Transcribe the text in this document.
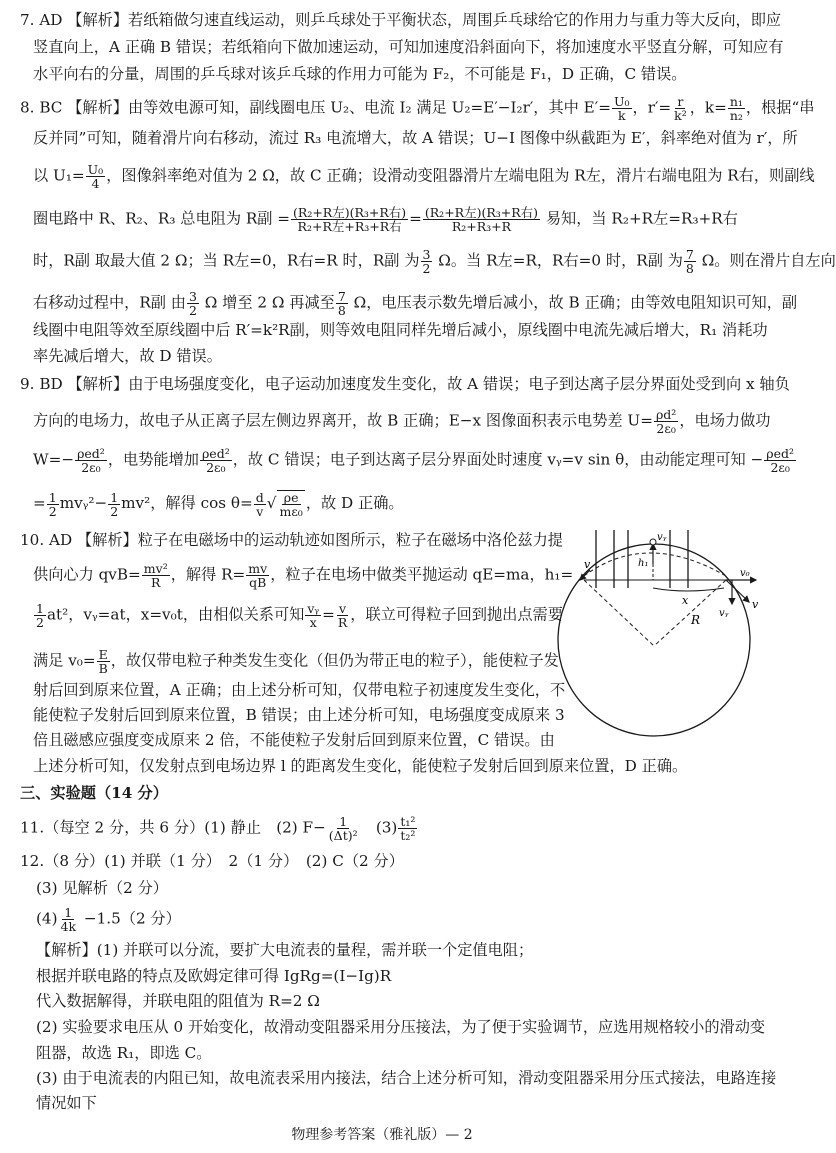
7. AD 【解析】若纸箱做匀速直线运动，则乒乓球处于平衡状态，周围乒乓球给它的作用力与重力等大反向，即应
竖直向上，A 正确 B 错误；若纸箱向下做加速运动，可知加速度沿斜面向下，将加速度水平竖直分解，可知应有
水平向右的分量，周围的乒乓球对该乒乓球的作用力可能为 F₂，不可能是 F₁，D 正确，C 错误。
8. BC 【解析】由等效电源可知，副线圈电压 U₂、电流 I₂ 满足 U₂=E′−I₂r′，其中 $E'= \frac{\text{U₀}}{k}$ ，$r'= \frac{r}{\text{k²}}$ ，$k= \frac{\text{n₁}}{\text{n₂}}$ ，根据“串
反并同”可知，随着滑片向右移动，流过 R₃ 电流增大，故 A 错误；U−I 图像中纵截距为 E′，斜率绝对值为 r′，所
以 $U_1= \frac{\text{U₀}}{4}$ ，图像斜率绝对值为 2 Ω，故 C 正确；设滑动变阻器滑片左端电阻为 R左，滑片右端电阻为 R右，则副线
圈电路中 R、R₂、R₃ 总电阻为 R副 = $\frac{\text{(R₂+R左)(R₃+R右)}}{\text{R₂+R左+R₃+R右}} = \frac{\text{(R₂+R左)(R₃+R右)}}{\text{R₂+R₃+R}}$ 易知，当 R₂+R左=R₃+R右
时，R副 取最大值 2 Ω；当 R左=0，R右=R 时，R副 为 $\frac{3}{2}$ Ω。当 R左=R，R右=0 时，R副 为 $\frac{7}{8}$ Ω。则在滑片自左向
右移动过程中，R副 由 $\frac{3}{2}$ Ω 增至 2 Ω 再减至 $\frac{7}{8}$ Ω，电压表示数先增后减小，故 B 正确；由等效电阻知识可知，副
线圈中电阻等效至原线圈中后 R′=k²R副，则等效电阻同样先增后减小，原线圈中电流先减后增大，R₁ 消耗功
率先减后增大，故 D 错误。
9. BD 【解析】由于电场强度变化，电子运动加速度发生变化，故 A 错误；电子到达离子层分界面处受到向 x 轴负
方向的电场力，故电子从正离子层左侧边界离开，故 B 正确；E−x 图像面积表示电势差 $U= \frac{\text{ρd²}}{\text{2ε₀}}$ ，电场力做功
$W=- \frac{\text{ρed²}}{\text{2ε₀}}$ ，电势能增加 $\frac{\text{ρed²}}{\text{2ε₀}}$ ，故 C 错误；电子到达离子层分界面处时速度 vᵧ=v sin θ，由动能定理可知 − $\frac{\text{ρed²}}{\text{2ε₀}}$
= $\frac{1}{2}$ mvᵧ²− $\frac{1}{2} mv^2$，解得 $\cos \theta= \frac{d}{v}$ √ $\frac{\rho e}{\text{mε₀}}$ ，故 D 正确。
10. AD 【解析】粒子在电磁场中的运动轨迹如图所示，粒子在磁场中洛伦兹力提
供向心力 $qvB= \frac{\text{mv²}}{R}$ ，解得 $R= \frac{mv}{qB}$ ，粒子在电场中做类平抛运动 qE=ma，h₁=
$\frac{1}{2} at^2$，vᵧ=at，x=v₀t，由相似关系可知 $\frac{\text{vᵧ}}{x} = \frac{v}{R}$ ，联立可得粒子回到抛出点需要
满足 $v_0= \frac{E}{B}$ ，故仅带电粒子种类发生变化（但仍为带正电的粒子），能使粒子发
射后回到原来位置，A 正确；由上述分析可知，仅带电粒子初速度发生变化，不
能使粒子发射后回到原来位置，B 错误；由上述分析可知，电场强度变成原来 3
倍且磁感应强度变成原来 2 倍，不能使粒子发射后回到原来位置，C 错误。由
上述分析可知，仅发射点到电场边界 l 的距离发生变化，能使粒子发射后回到原来位置，D 正确。
v
vᵧ
h₁
x
R
v₀
vᵧ
v
三、实验题（14 分）
11.（每空 2 分，共 6 分）(1) 静止　(2) $F- \frac{1}{\text{(Δt)²}}$ 　$(3) \frac{\text{t₁²}}{\text{t₂²}}$
12.（8 分）(1) 并联（1 分）　2（1 分）　(2) C（2 分）
(3) 见解析（2 分）
$(4) \frac{1}{4k} -1.5(2$ 分）
【解析】(1) 并联可以分流，要扩大电流表的量程，需并联一个定值电阻；
根据并联电路的特点及欧姆定律可得 IgRg=(I−Ig)R
代入数据解得，并联电阻的阻值为 R=2 Ω
(2) 实验要求电压从 0 开始变化，故滑动变阻器采用分压接法，为了便于实验调节，应选用规格较小的滑动变
阻器，故选 R₁，即选 C。
(3) 由于电流表的内阻已知，故电流表采用内接法，结合上述分析可知，滑动变阻器采用分压式接法，电路连接
情况如下
物理参考答案（雅礼版）— 2
